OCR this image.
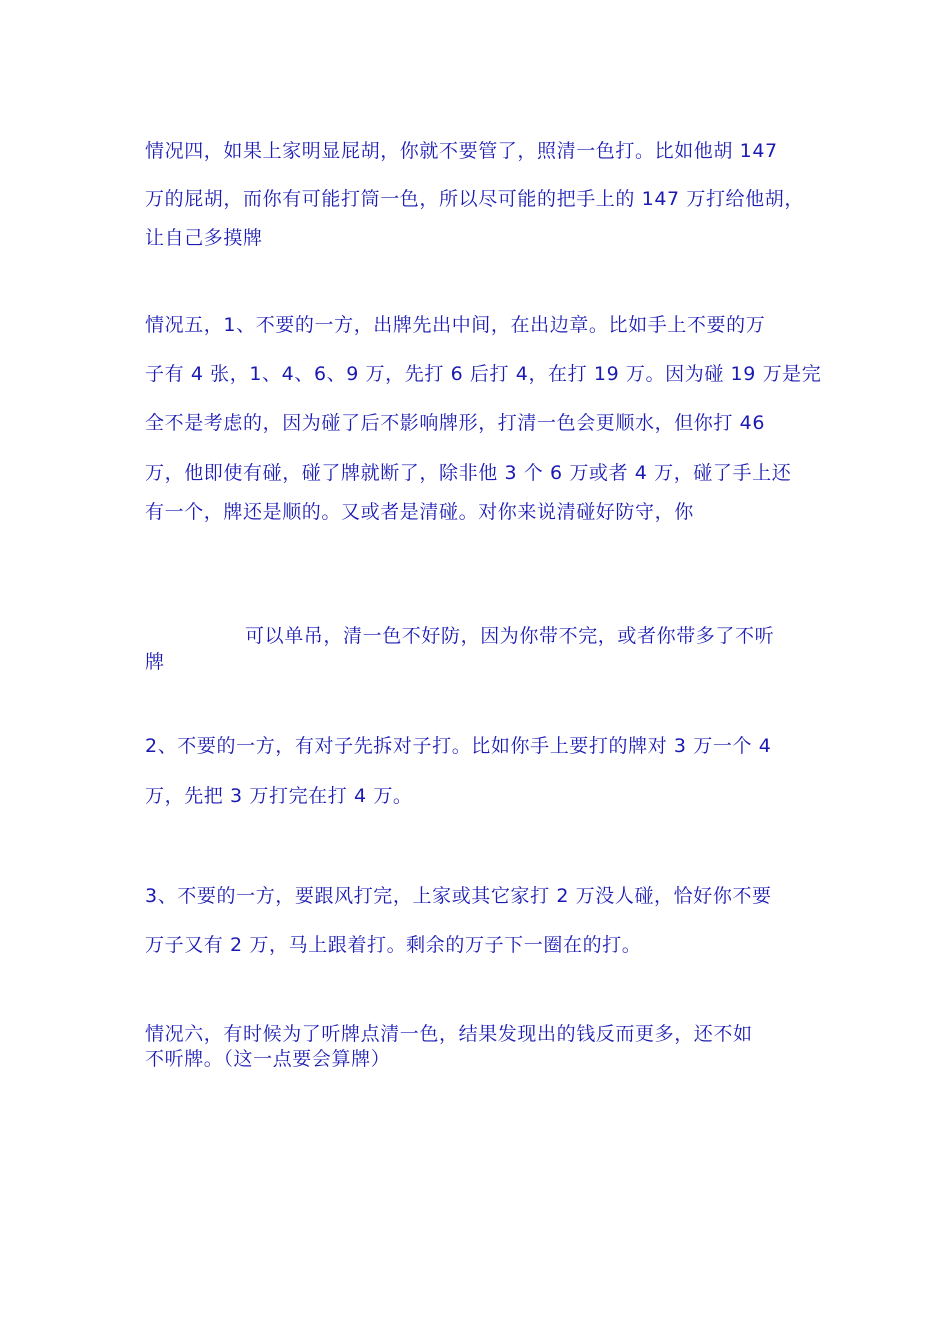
情况四，如果上家明显屁胡，你就不要管了，照清一色打。比如他胡 147

万的屁胡，而你有可能打筒一色，所以尽可能的把手上的 147 万打给他胡，

让自己多摸牌

情况五，1、不要的一方，出牌先出中间，在出边章。比如手上不要的万

子有 4 张，1、4、6、9 万，先打 6 后打 4，在打 19 万。因为碰 19 万是完

全不是考虑的，因为碰了后不影响牌形，打清一色会更顺水，但你打 46

万，他即使有碰，碰了牌就断了，除非他 3 个 6 万或者 4 万，碰了手上还

有一个，牌还是顺的。又或者是清碰。对你来说清碰好防守，你

可以单吊，清一色不好防，因为你带不完，或者你带多了不听

牌

2、不要的一方，有对子先拆对子打。比如你手上要打的牌对 3 万一个 4

万，先把 3 万打完在打 4 万。

3、不要的一方，要跟风打完，上家或其它家打 2 万没人碰，恰好你不要

万子又有 2 万，马上跟着打。剩余的万子下一圈在的打。

情况六，有时候为了听牌点清一色，结果发现出的钱反而更多，还不如

不听牌。（这一点要会算牌）
